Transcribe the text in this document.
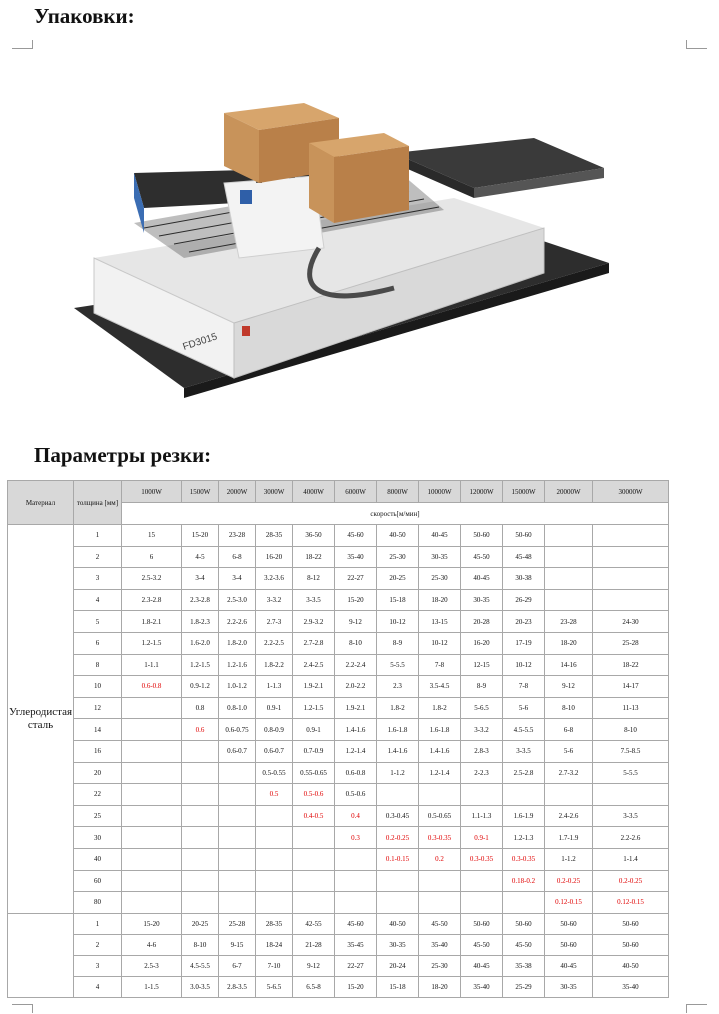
Упаковки:
FD3015
Параметры резки:
Материал	толщина [мм]	1000W	1500W	2000W	3000W	4000W	6000W	8000W	10000W	12000W	15000W	20000W	30000W
		скорость[м/мин]											
Углеродистая сталь	1	15	15-20	23-28	28-35	36-50	45-60	40-50	40-45	50-60	50-60		
	2	6	4-5	6-8	16-20	18-22	35-40	25-30	30-35	45-50	45-48		
	3	2.5-3.2	3-4	3-4	3.2-3.6	8-12	22-27	20-25	25-30	40-45	30-38		
	4	2.3-2.8	2.3-2.8	2.5-3.0	3-3.2	3-3.5	15-20	15-18	18-20	30-35	26-29		
	5	1.8-2.1	1.8-2.3	2.2-2.6	2.7-3	2.9-3.2	9-12	10-12	13-15	20-28	20-23	23-28	24-30
	6	1.2-1.5	1.6-2.0	1.8-2.0	2.2-2.5	2.7-2.8	8-10	8-9	10-12	16-20	17-19	18-20	25-28
	8	1-1.1	1.2-1.5	1.2-1.6	1.8-2.2	2.4-2.5	2.2-2.4	5-5.5	7-8	12-15	10-12	14-16	18-22
	10	0.6-0.8	0.9-1.2	1.0-1.2	1-1.3	1.9-2.1	2.0-2.2	2.3	3.5-4.5	8-9	7-8	9-12	14-17
	12		0.8	0.8-1.0	0.9-1	1.2-1.5	1.9-2.1	1.8-2	1.8-2	5-6.5	5-6	8-10	11-13
	14		0.6	0.6-0.75	0.8-0.9	0.9-1	1.4-1.6	1.6-1.8	1.6-1.8	3-3.2	4.5-5.5	6-8	8-10
	16			0.6-0.7	0.6-0.7	0.7-0.9	1.2-1.4	1.4-1.6	1.4-1.6	2.8-3	3-3.5	5-6	7.5-8.5
	20				0.5-0.55	0.55-0.65	0.6-0.8	1-1.2	1.2-1.4	2-2.3	2.5-2.8	2.7-3.2	5-5.5
	22				0.5	0.5-0.6	0.5-0.6						
	25					0.4-0.5	0.4	0.3-0.45	0.5-0.65	1.1-1.3	1.6-1.9	2.4-2.6	3-3.5
	30						0.3	0.2-0.25	0.3-0.35	0.9-1	1.2-1.3	1.7-1.9	2.2-2.6
	40							0.1-0.15	0.2	0.3-0.35	0.3-0.35	1-1.2	1-1.4
	60										0.18-0.2	0.2-0.25	0.2-0.25
	80											0.12-0.15	0.12-0.15
	1	15-20	20-25	25-28	28-35	42-55	45-60	40-50	45-50	50-60	50-60	50-60	50-60
	2	4-6	8-10	9-15	18-24	21-28	35-45	30-35	35-40	45-50	45-50	50-60	50-60
	3	2.5-3	4.5-5.5	6-7	7-10	9-12	22-27	20-24	25-30	40-45	35-38	40-45	40-50
	4	1-1.5	3.0-3.5	2.8-3.5	5-6.5	6.5-8	15-20	15-18	18-20	35-40	25-29	30-35	35-40
